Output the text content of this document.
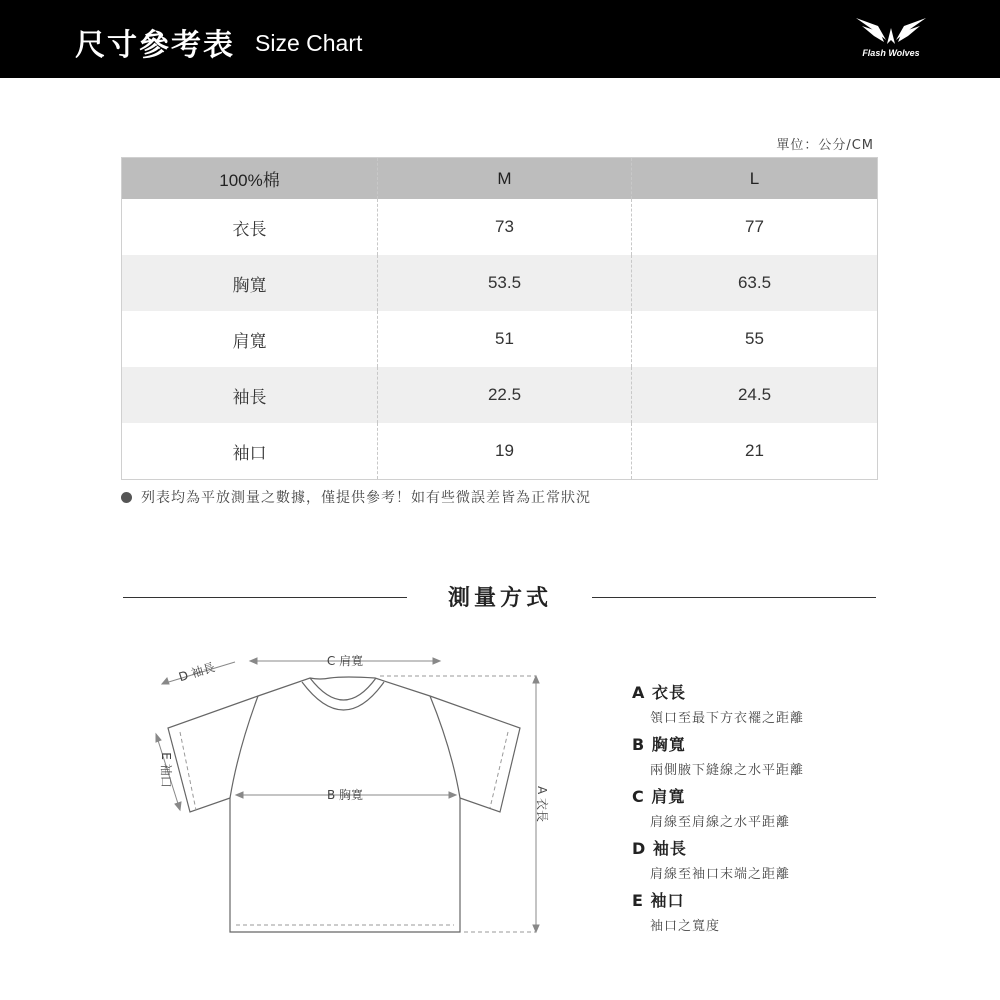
尺寸參考表 Size Chart	Flash Wolves
單位：公分/CM
100%棉	M	L
衣長	73	77
胸寬	53.5	63.5
肩寬	51	55
袖長	22.5	24.5
袖口	19	21
列表均為平放測量之數據，僅提供參考！如有些微誤差皆為正常狀況
測量方式
C 肩寬
B 胸寬
D 袖長
E 袖口
A 衣長
A 衣長
領口至最下方衣襬之距離
B 胸寬
兩側腋下縫線之水平距離
C 肩寬
肩線至肩線之水平距離
D 袖長
肩線至袖口末端之距離
E 袖口
袖口之寬度
